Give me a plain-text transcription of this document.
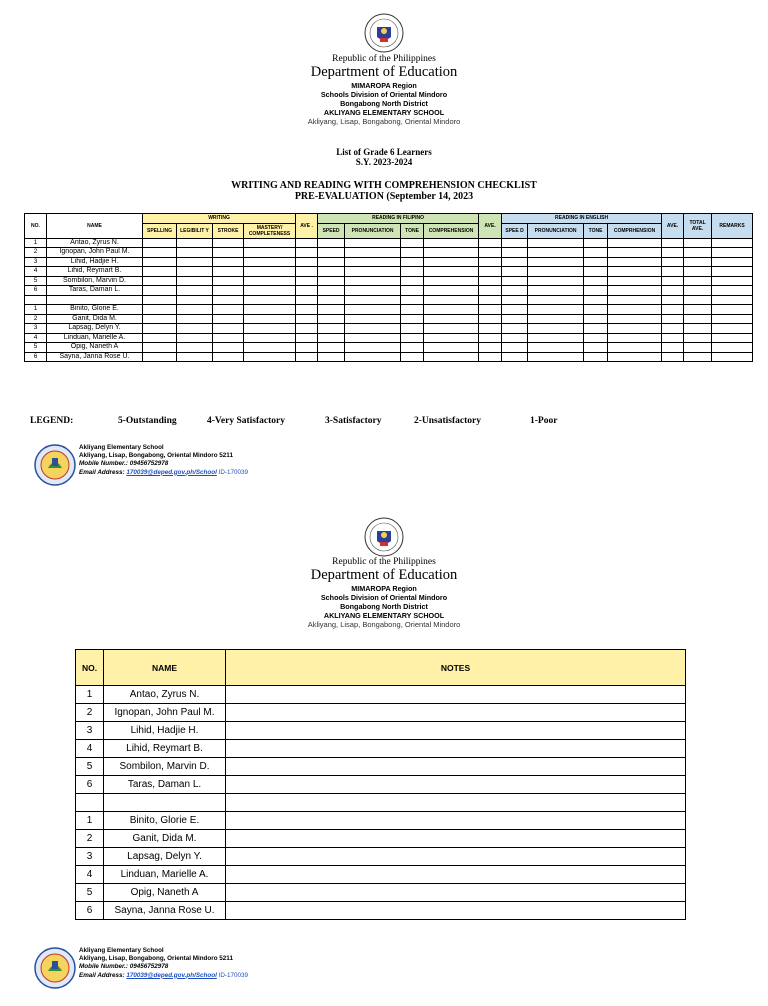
Republic of the Philippines
Department of Education
MIMAROPA Region
Schools Division of Oriental Mindoro
Bongabong North District
AKLIYANG ELEMENTARY SCHOOL
Akliyang, Lisap, Bongabong, Oriental Mindoro
List of Grade 6 Learners
S.Y. 2023-2024
WRITING AND READING WITH COMPREHENSION CHECKLIST
PRE-EVALUATION (September 14, 2023
NO.	NAME	WRITING				AVE .	READING IN FILIPINO				AVE.	READING IN ENGLISH				AVE.	TOTAL AVE.	REMARKS
		SPELLING	LEGIBILIT Y	STROKE	MASTERY/ COMPLETENESS		SPEED	PRONUNCIATION	TONE	COMPREHENSION		SPEE D	PRONUNCIATION	TONE	COMPRHENSION			
1	Antao, Zyrus N.																	
2	Ignopan, John Paul M.																	
3	Lihid, Hadjie H.																	
4	Lihid, Reymart B.																	
5	Sombilon, Marvin D.																	
6	Taras, Daman L.																	

1	Binito, Glorie E.																	
2	Ganit, Dida M.																	
3	Lapsag, Delyn Y.																	
4	Linduan, Marielle A.																	
5	Opig, Naneth A																	
6	Sayna, Janna Rose U.																	
LEGEND:	5-Outstanding	4-Very Satisfactory	3-Satisfactory	2-Unsatisfactory	1-Poor
Akliyang Elementary School
Akliyang, Lisap, Bongabong, Oriental Mindoro 5211
Mobile Number.: 09456752978
Email Address: 170039@deped.gov.ph/School ID-170039
Republic of the Philippines
Department of Education
MIMAROPA Region
Schools Division of Oriental Mindoro
Bongabong North District
AKLIYANG ELEMENTARY SCHOOL
Akliyang, Lisap, Bongabong, Oriental Mindoro
NO.	NAME	NOTES
1	Antao, Zyrus N.	
2	Ignopan, John Paul M.	
3	Lihid, Hadjie H.	
4	Lihid, Reymart B.	
5	Sombilon, Marvin D.	
6	Taras, Daman L.	

1	Binito, Glorie E.	
2	Ganit, Dida M.	
3	Lapsag, Delyn Y.	
4	Linduan, Marielle A.	
5	Opig, Naneth A	
6	Sayna, Janna Rose U.	
Akliyang Elementary School
Akliyang, Lisap, Bongabong, Oriental Mindoro 5211
Mobile Number.: 09456752978
Email Address: 170039@deped.gov.ph/School ID-170039
